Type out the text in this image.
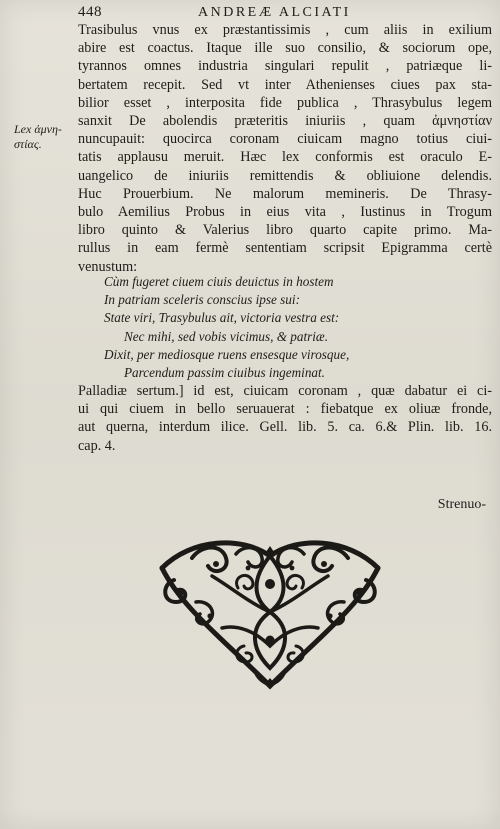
448	ANDREÆ ALCIATI
Lex ἀμνη-
στίας.
Trasibulus vnus ex præstantissimis , cum aliis in exilium
abire est coactus. Itaque ille suo consilio, & sociorum ope,
tyrannos omnes industria singulari repulit , patriæque li-
bertatem recepit. Sed vt inter Athenienses ciues pax sta-
bilior esset , interposita fide publica , Thrasybulus legem
sanxit De abolendis præteritis iniuriis , quam ἀμνηστίαν
nuncupauit: quocirca coronam ciuicam magno totius ciui-
tatis applausu meruit. Hæc lex conformis est oraculo E-
uangelico de iniuriis remittendis & obliuione delendis.
Huc Prouerbium. Ne malorum memineris. De Thrasy-
bulo Aemilius Probus in eius vita , Iustinus in Trogum
libro quinto & Valerius libro quarto capite primo. Ma-
rullus in eam fermè sententiam scripsit Epigramma certè
venustum:
Cùm fugeret ciuem ciuis deuictus in hostem
In patriam sceleris conscius ipse sui:
State viri, Trasybulus ait, victoria vestra est:
Nec mihi, sed vobis vicimus, & patriæ.
Dixit, per mediosque ruens ensesque virosque,
Parcendum passim ciuibus ingeminat.
Palladiæ sertum.] id est, ciuicam coronam , quæ dabatur ei ci-
ui qui ciuem in bello seruauerat : fiebatque ex oliuæ fronde,
aut querna, interdum ilice. Gell. lib. 5. ca. 6.& Plin. lib. 16.
cap. 4.
Strenuo-
